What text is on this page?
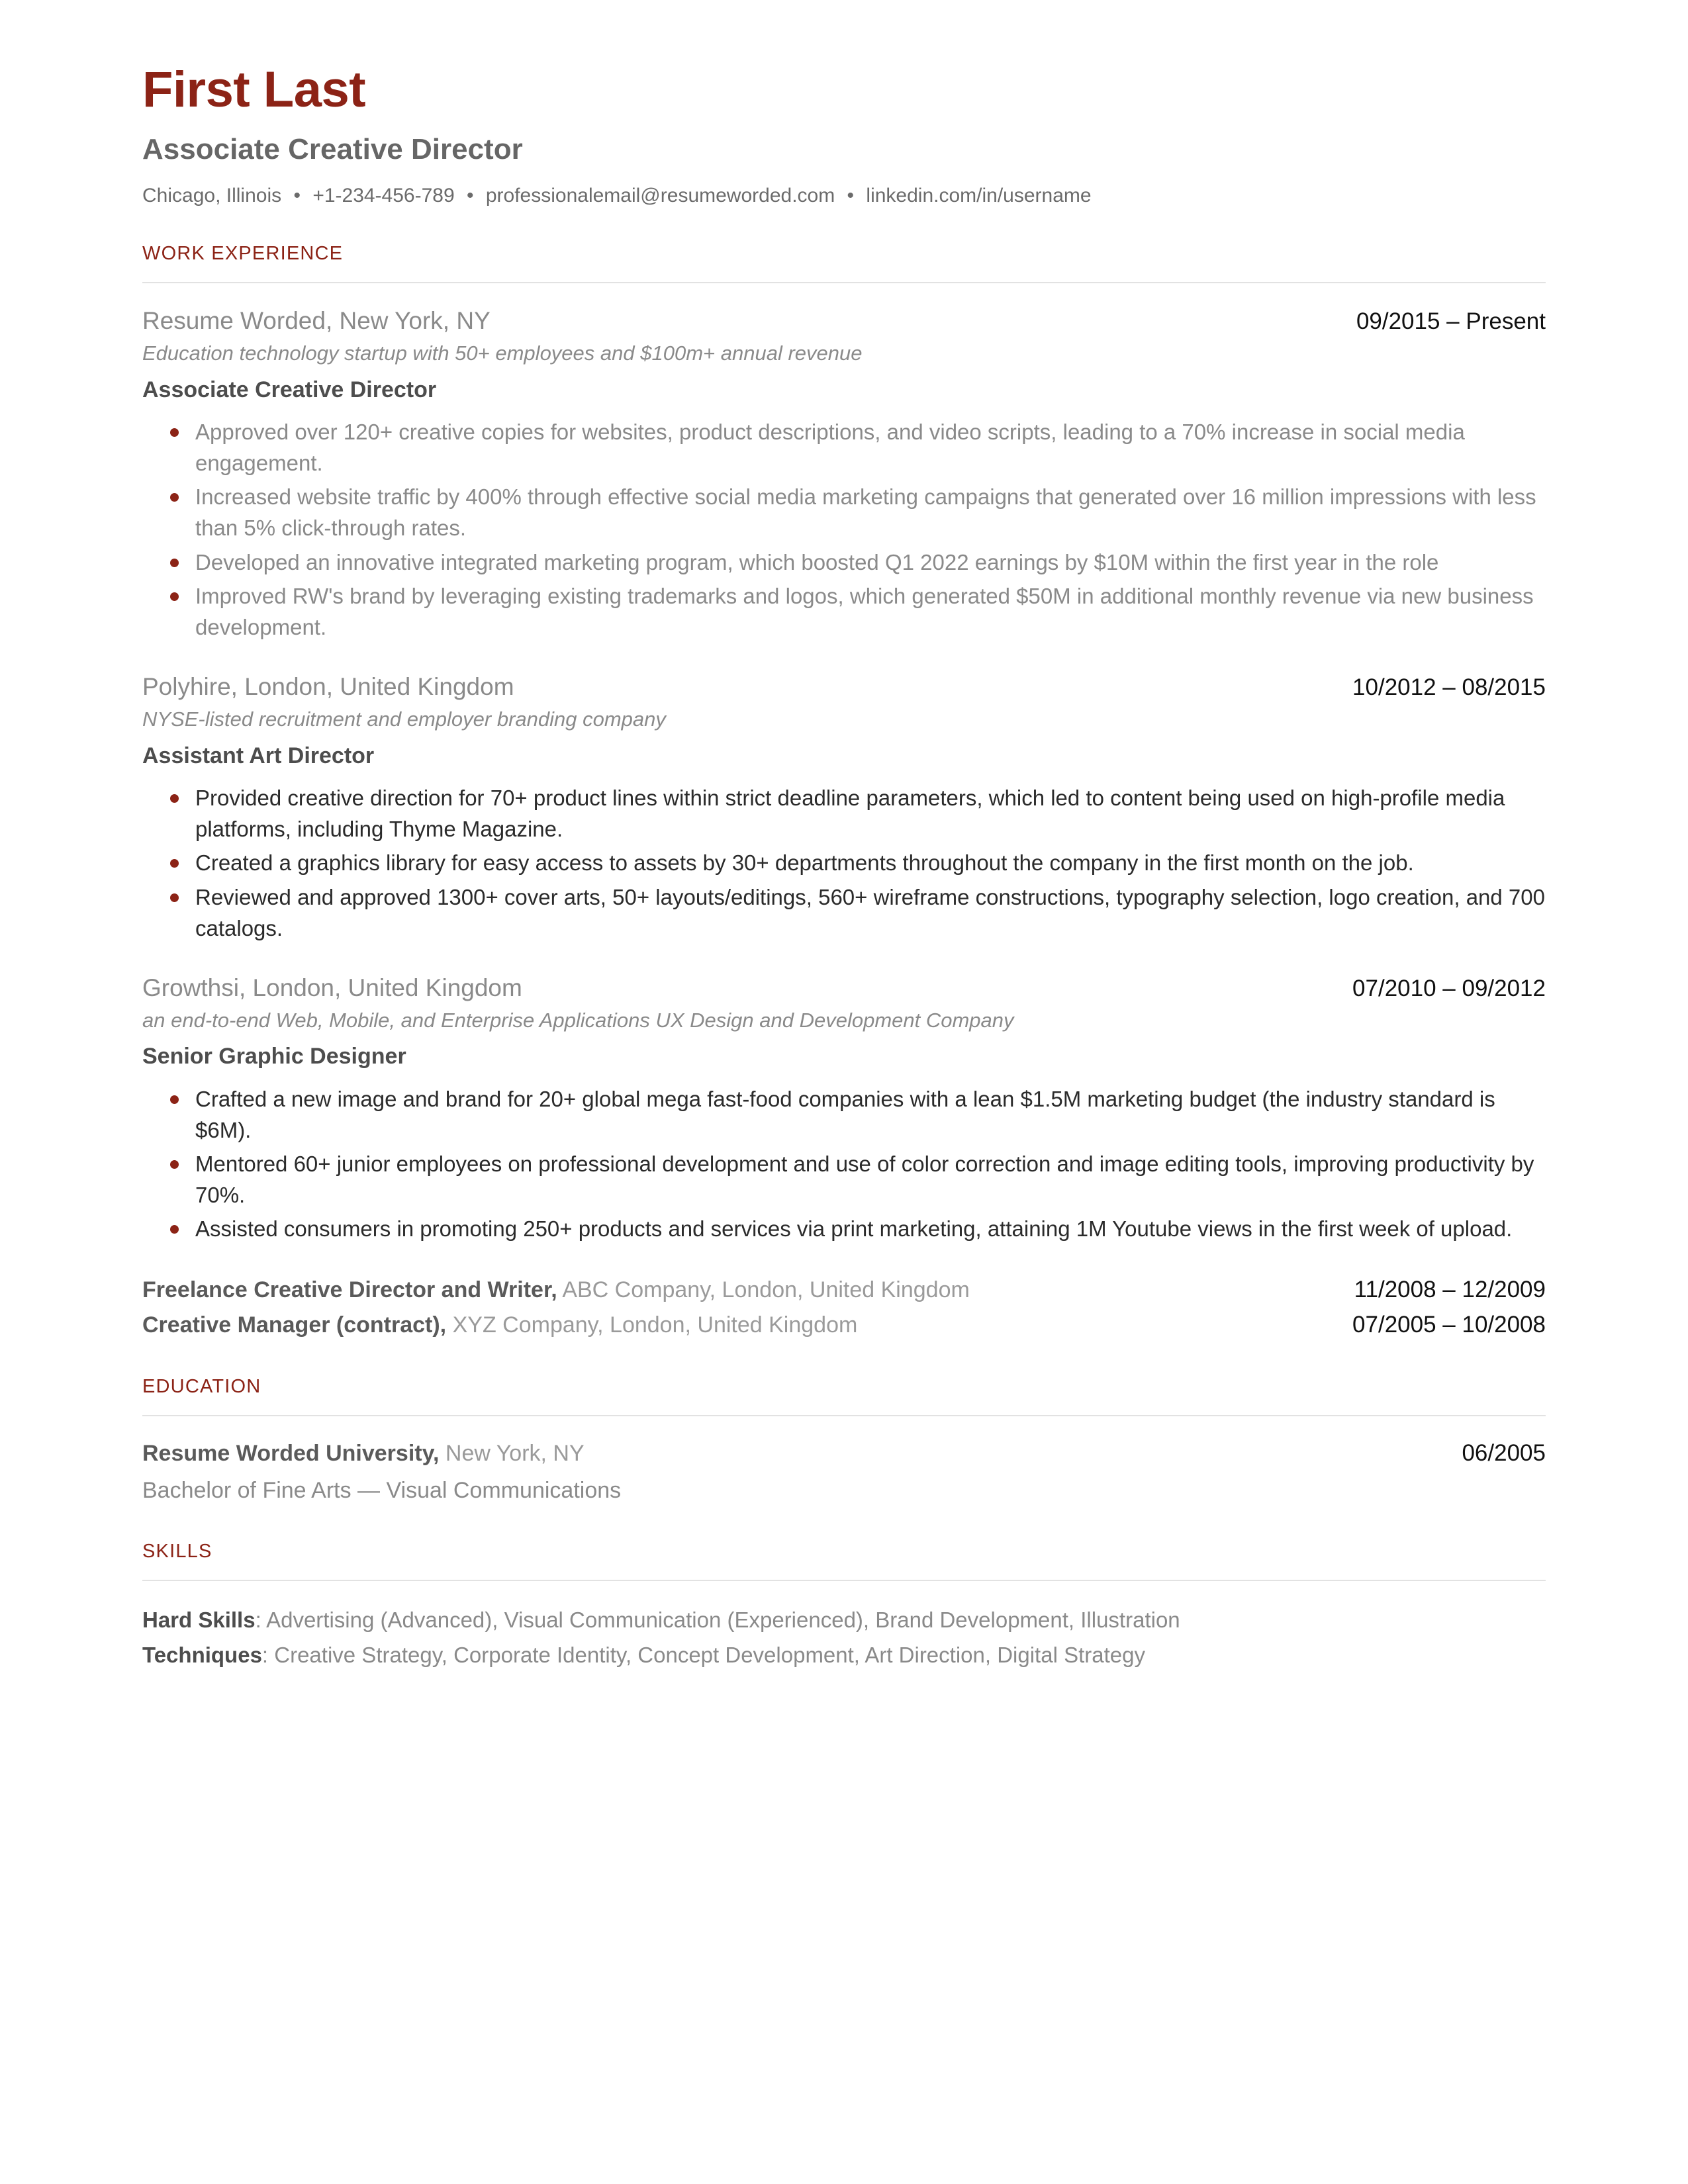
First Last
Associate Creative Director
Chicago, Illinois • +1-234-456-789 • professionalemail@resumeworded.com • linkedin.com/in/username
WORK EXPERIENCE
Resume Worded, New York, NY	09/2015 – Present
Education technology startup with 50+ employees and $100m+ annual revenue
Associate Creative Director
Approved over 120+ creative copies for websites, product descriptions, and video scripts, leading to a 70% increase in social media engagement.
Increased website traffic by 400% through effective social media marketing campaigns that generated over 16 million impressions with less than 5% click-through rates.
Developed an innovative integrated marketing program, which boosted Q1 2022 earnings by $10M within the first year in the role
Improved RW's brand by leveraging existing trademarks and logos, which generated $50M in additional monthly revenue via new business development.
Polyhire, London, United Kingdom	10/2012 – 08/2015
NYSE-listed recruitment and employer branding company
Assistant Art Director
Provided creative direction for 70+ product lines within strict deadline parameters, which led to content being used on high-profile media platforms, including Thyme Magazine.
Created a graphics library for easy access to assets by 30+ departments throughout the company in the first month on the job.
Reviewed and approved 1300+ cover arts, 50+ layouts/editings, 560+ wireframe constructions, typography selection, logo creation, and 700 catalogs.
Growthsi, London, United Kingdom	07/2010 – 09/2012
an end-to-end Web, Mobile, and Enterprise Applications UX Design and Development Company
Senior Graphic Designer
Crafted a new image and brand for 20+ global mega fast-food companies with a lean $1.5M marketing budget (the industry standard is $6M).
Mentored 60+ junior employees on professional development and use of color correction and image editing tools, improving productivity by 70%.
Assisted consumers in promoting 250+ products and services via print marketing, attaining 1M Youtube views in the first week of upload.
Freelance Creative Director and Writer, ABC Company, London, United Kingdom	11/2008 – 12/2009
Creative Manager (contract), XYZ Company, London, United Kingdom	07/2005 – 10/2008
EDUCATION
Resume Worded University, New York, NY	06/2005
Bachelor of Fine Arts — Visual Communications
SKILLS
Hard Skills: Advertising (Advanced), Visual Communication (Experienced), Brand Development, Illustration
Techniques: Creative Strategy, Corporate Identity, Concept Development, Art Direction, Digital Strategy
